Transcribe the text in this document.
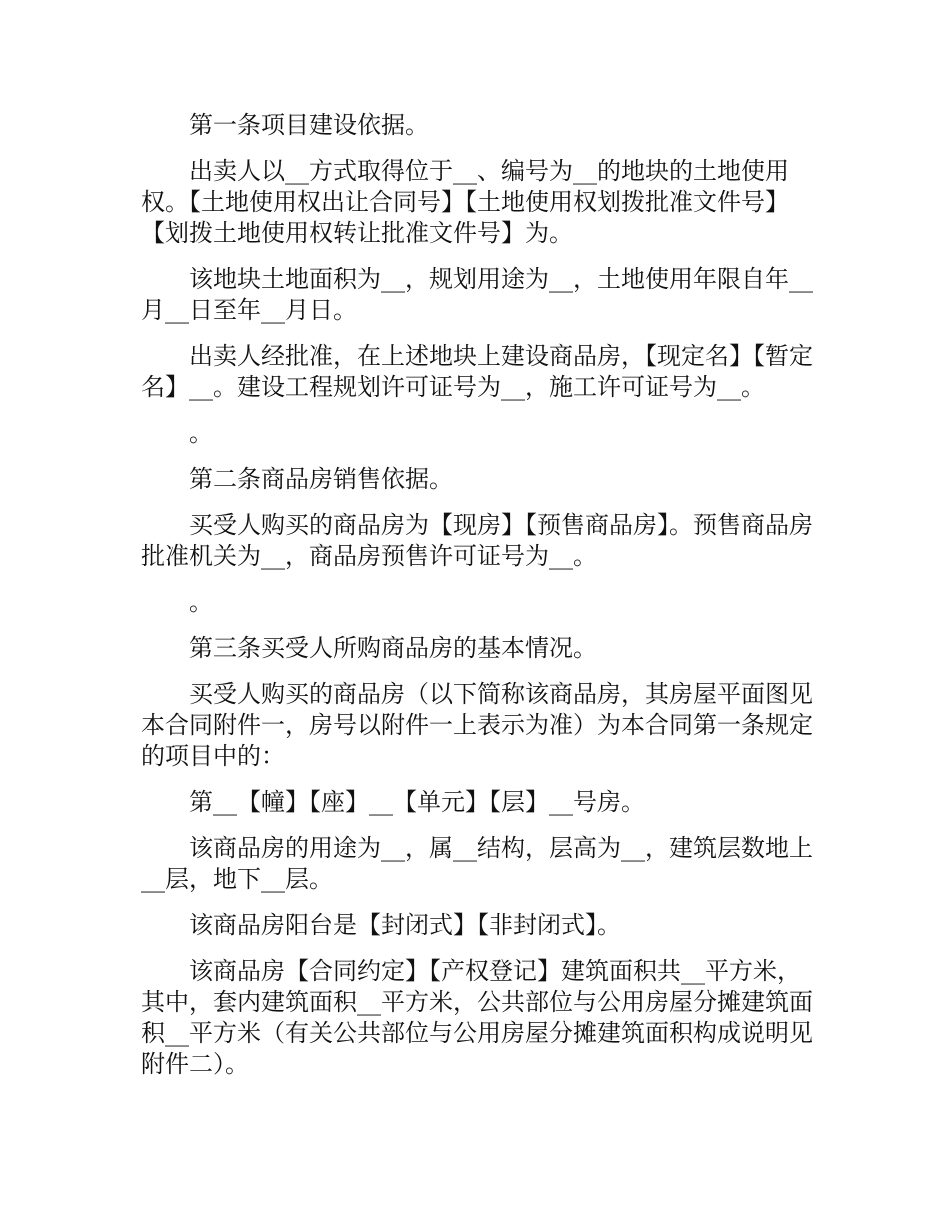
第一条项目建设依据。

出卖人以__方式取得位于__、编号为__的地块的土地使用权。【土地使用权出让合同号】【土地使用权划拨批准文件号】【划拨土地使用权转让批准文件号】为。

该地块土地面积为__，规划用途为__，土地使用年限自年__月__日至年__月日。

出卖人经批准，在上述地块上建设商品房，【现定名】【暂定名】__。建设工程规划许可证号为__，施工许可证号为__。

。

第二条商品房销售依据。

买受人购买的商品房为【现房】【预售商品房】。预售商品房批准机关为__，商品房预售许可证号为__。

。

第三条买受人所购商品房的基本情况。

买受人购买的商品房（以下简称该商品房，其房屋平面图见本合同附件一，房号以附件一上表示为准）为本合同第一条规定的项目中的：

第__【幢】【座】__【单元】【层】__号房。

该商品房的用途为__，属__结构，层高为__，建筑层数地上__层，地下__层。

该商品房阳台是【封闭式】【非封闭式】。

该商品房【合同约定】【产权登记】建筑面积共__平方米，其中，套内建筑面积__平方米，公共部位与公用房屋分摊建筑面积__平方米（有关公共部位与公用房屋分摊建筑面积构成说明见附件二）。
